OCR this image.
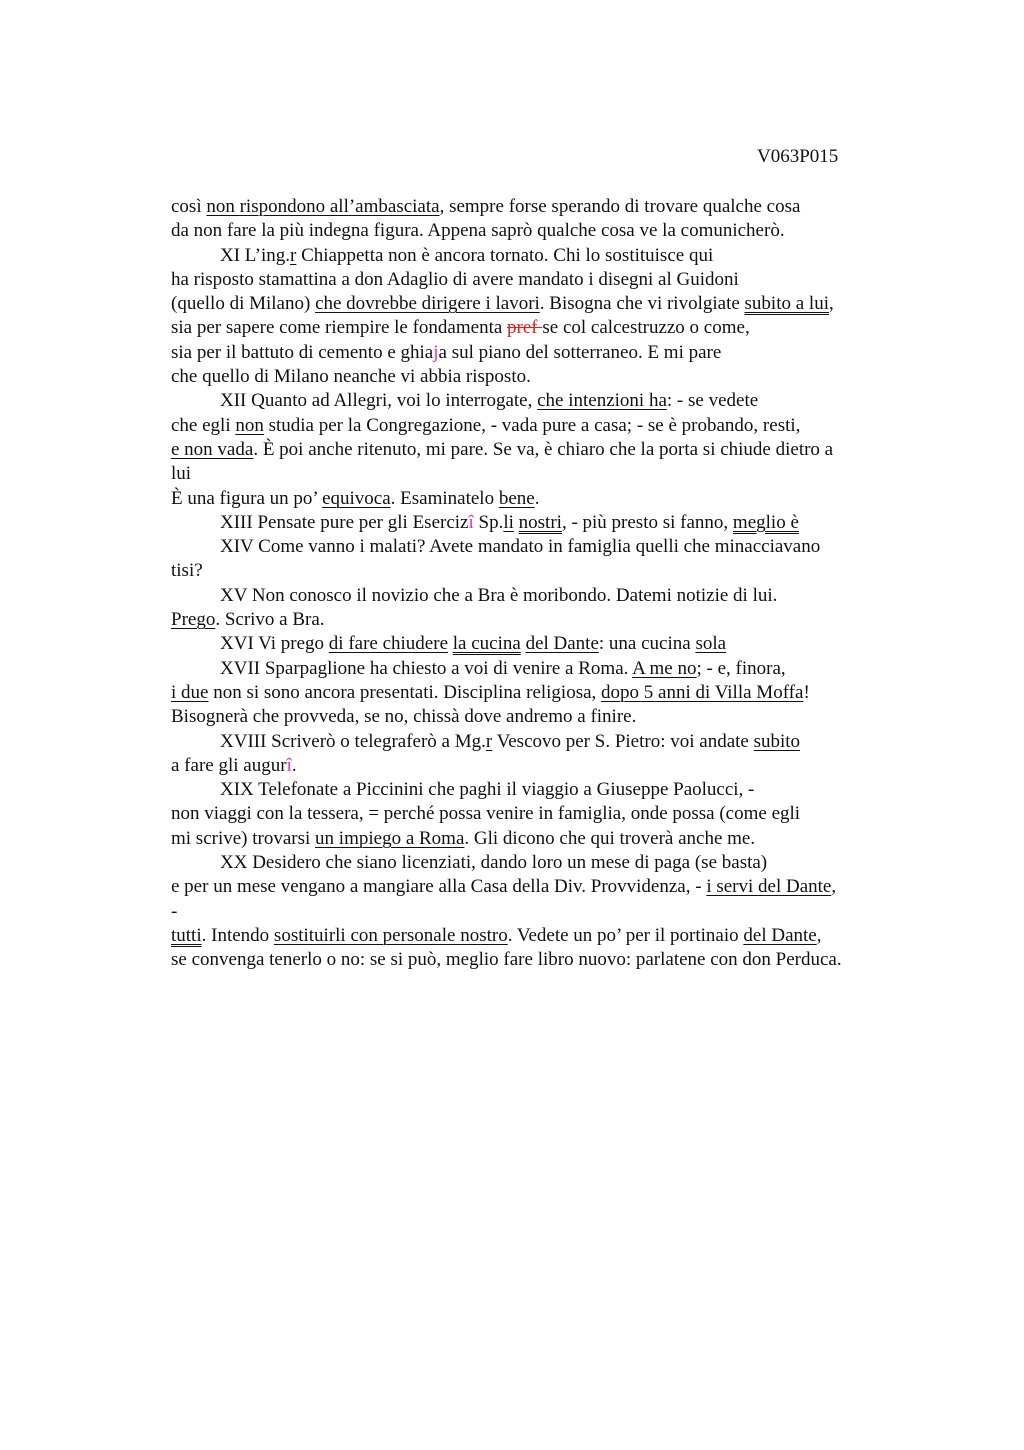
V063P015
così non rispondono all’ambasciata, sempre forse sperando di trovare qualche cosa
da non fare la più indegna figura. Appena saprò qualche cosa ve la comunicherò.
XI L’ing.r Chiappetta non è ancora tornato. Chi lo sostituisce qui
ha risposto stamattina a don Adaglio di avere mandato i disegni al Guidoni
(quello di Milano) che dovrebbe dirigere i lavori. Bisogna che vi rivolgiate subito a lui,
sia per sapere come riempire le fondamenta pref se col calcestruzzo o come,
sia per il battuto di cemento e ghiaja sul piano del sotterraneo. E mi pare
che quello di Milano neanche vi abbia risposto.
XII Quanto ad Allegri, voi lo interrogate, che intenzioni ha: - se vedete
che egli non studia per la Congregazione, - vada pure a casa; - se è probando, resti,
e non vada. È poi anche ritenuto, mi pare. Se va, è chiaro che la porta si chiude dietro a
lui
È una figura un po’ equivoca. Esaminatelo bene.
XIII Pensate pure per gli Esercizî Sp.li nostri, - più presto si fanno, meglio è
XIV Come vanno i malati? Avete mandato in famiglia quelli che minacciavano
tisi?
XV Non conosco il novizio che a Bra è moribondo. Datemi notizie di lui.
Prego. Scrivo a Bra.
XVI Vi prego di fare chiudere la cucina del Dante: una cucina sola
XVII Sparpaglione ha chiesto a voi di venire a Roma. A me no; - e, finora,
i due non si sono ancora presentati. Disciplina religiosa, dopo 5 anni di Villa Moffa!
Bisognerà che provveda, se no, chissà dove andremo a finire.
XVIII Scriverò o telegraferò a Mg.r Vescovo per S. Pietro: voi andate subito
a fare gli augurî.
XIX Telefonate a Piccinini che paghi il viaggio a Giuseppe Paolucci, -
non viaggi con la tessera, = perché possa venire in famiglia, onde possa (come egli
mi scrive) trovarsi un impiego a Roma. Gli dicono che qui troverà anche me.
XX Desidero che siano licenziati, dando loro un mese di paga (se basta)
e per un mese vengano a mangiare alla Casa della Div. Provvidenza, - i servi del Dante,
-
tutti. Intendo sostituirli con personale nostro. Vedete un po’ per il portinaio del Dante,
se convenga tenerlo o no: se si può, meglio fare libro nuovo: parlatene con don Perduca.
